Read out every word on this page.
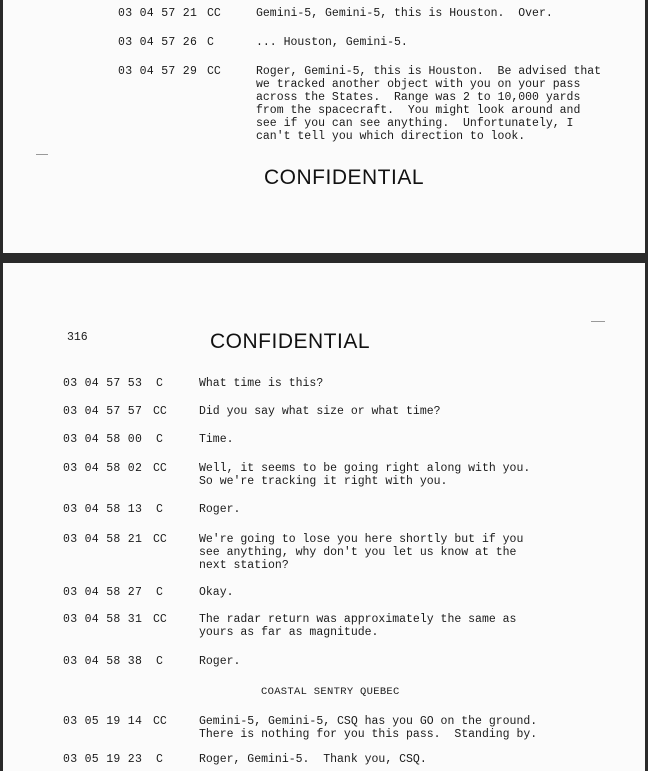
03 04 57 21 CC	Gemini-5, Gemini-5, this is Houston.  Over.
03 04 57 26 C	... Houston, Gemini-5.
03 04 57 29 CC	Roger, Gemini-5, this is Houston.  Be advised that
we tracked another object with you on your pass
across the States.  Range was 2 to 10,000 yards
from the spacecraft.  You might look around and
see if you can see anything.  Unfortunately, I
can't tell you which direction to look.
CONFIDENTIAL
316	CONFIDENTIAL
03 04 57 53 C	What time is this?
03 04 57 57 CC	Did you say what size or what time?
03 04 58 00 C	Time.
03 04 58 02 CC	Well, it seems to be going right along with you.
So we're tracking it right with you.
03 04 58 13 C	Roger.
03 04 58 21 CC	We're going to lose you here shortly but if you
see anything, why don't you let us know at the
next station?
03 04 58 27 C	Okay.
03 04 58 31 CC	The radar return was approximately the same as
yours as far as magnitude.
03 04 58 38 C	Roger.
COASTAL SENTRY QUEBEC
03 05 19 14 CC	Gemini-5, Gemini-5, CSQ has you GO on the ground.
There is nothing for you this pass.  Standing by.
03 05 19 23 C	Roger, Gemini-5.  Thank you, CSQ.
